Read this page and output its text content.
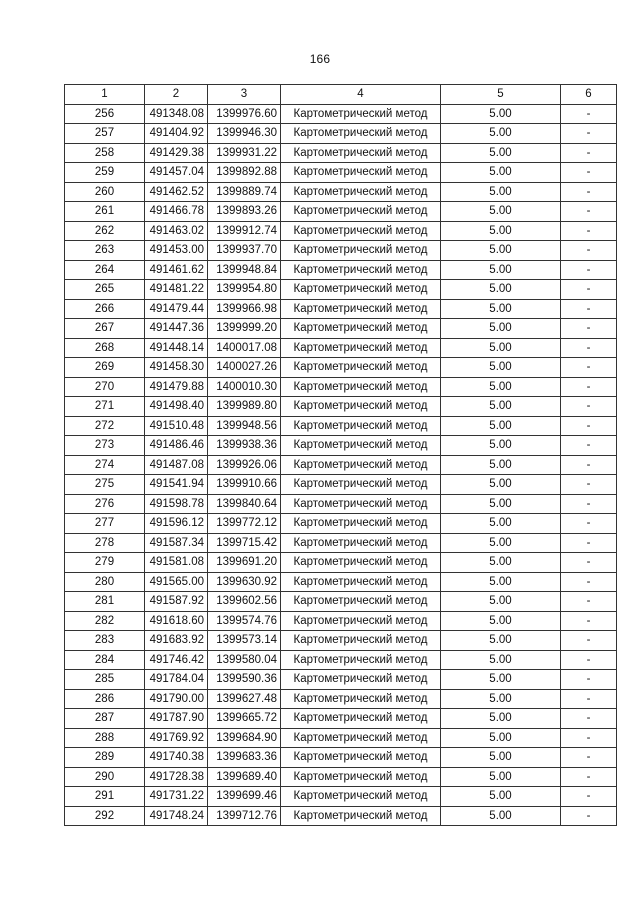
166
1	2	3	4	5	6
256	491348.08	1399976.60	Картометрический метод	5.00	-
257	491404.92	1399946.30	Картометрический метод	5.00	-
258	491429.38	1399931.22	Картометрический метод	5.00	-
259	491457.04	1399892.88	Картометрический метод	5.00	-
260	491462.52	1399889.74	Картометрический метод	5.00	-
261	491466.78	1399893.26	Картометрический метод	5.00	-
262	491463.02	1399912.74	Картометрический метод	5.00	-
263	491453.00	1399937.70	Картометрический метод	5.00	-
264	491461.62	1399948.84	Картометрический метод	5.00	-
265	491481.22	1399954.80	Картометрический метод	5.00	-
266	491479.44	1399966.98	Картометрический метод	5.00	-
267	491447.36	1399999.20	Картометрический метод	5.00	-
268	491448.14	1400017.08	Картометрический метод	5.00	-
269	491458.30	1400027.26	Картометрический метод	5.00	-
270	491479.88	1400010.30	Картометрический метод	5.00	-
271	491498.40	1399989.80	Картометрический метод	5.00	-
272	491510.48	1399948.56	Картометрический метод	5.00	-
273	491486.46	1399938.36	Картометрический метод	5.00	-
274	491487.08	1399926.06	Картометрический метод	5.00	-
275	491541.94	1399910.66	Картометрический метод	5.00	-
276	491598.78	1399840.64	Картометрический метод	5.00	-
277	491596.12	1399772.12	Картометрический метод	5.00	-
278	491587.34	1399715.42	Картометрический метод	5.00	-
279	491581.08	1399691.20	Картометрический метод	5.00	-
280	491565.00	1399630.92	Картометрический метод	5.00	-
281	491587.92	1399602.56	Картометрический метод	5.00	-
282	491618.60	1399574.76	Картометрический метод	5.00	-
283	491683.92	1399573.14	Картометрический метод	5.00	-
284	491746.42	1399580.04	Картометрический метод	5.00	-
285	491784.04	1399590.36	Картометрический метод	5.00	-
286	491790.00	1399627.48	Картометрический метод	5.00	-
287	491787.90	1399665.72	Картометрический метод	5.00	-
288	491769.92	1399684.90	Картометрический метод	5.00	-
289	491740.38	1399683.36	Картометрический метод	5.00	-
290	491728.38	1399689.40	Картометрический метод	5.00	-
291	491731.22	1399699.46	Картометрический метод	5.00	-
292	491748.24	1399712.76	Картометрический метод	5.00	-
